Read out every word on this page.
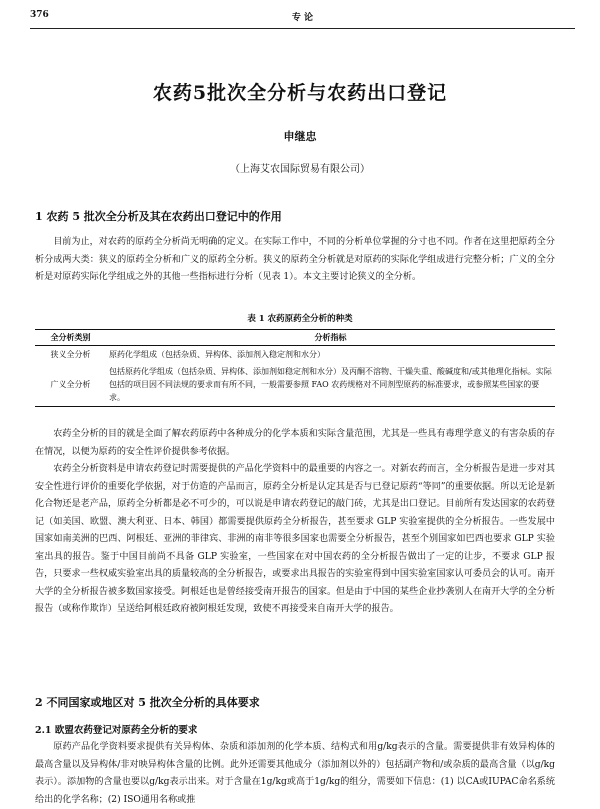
376	专 论
农药5批次全分析与农药出口登记
申继忠
（上海艾农国际贸易有限公司）
1 农药 5 批次全分析及其在农药出口登记中的作用

目前为止，对农药的原药全分析尚无明确的定义。在实际工作中，不同的分析单位掌握的分寸也不同。作者在这里把原药全分析分成两大类：狭义的原药全分析和广义的原药全分析。狭义的原药全分析就是对原药的实际化学组成进行完整分析；广义的全分析是对原药实际化学组成之外的其他一些指标进行分析（见表 1）。本文主要讨论狭义的全分析。

表 1 农药原药全分析的种类
全分析类别	分析指标
狭义全分析	原药化学组成（包括杂质、异构体、添加剂入稳定剂和水分）
广义全分析	包括原药化学组成（包括杂质、异构体、添加剂如稳定剂和水分）及丙酮不溶物、干燥失重、酸碱度和/或其他理化指标。实际包括的项目因不同法规的要求而有所不同，一般需要参照 FAO 农药规格对不同剂型原药的标准要求，或参照某些国家的要求。

农药全分析的目的就是全面了解农药原药中各种成分的化学本质和实际含量范围，尤其是一些具有毒理学意义的有害杂质的存在情况，以便为原药的安全性评价提供参考依据。

农药全分析资料是申请农药登记时需要提供的产品化学资料中的最重要的内容之一。对新农药而言，全分析报告是进一步对其安全性进行评价的重要化学依据，对于仿造的产品而言，原药全分析是认定其是否与已登记原药“等同”的重要依据。所以无论是新化合物还是老产品，原药全分析都是必不可少的，可以说是申请农药登记的敲门砖，尤其是出口登记。目前所有发达国家的农药登记（如美国、欧盟、澳大利亚、日本、韩国）都需要提供原药全分析报告，甚至要求 GLP 实验室提供的全分析报告。一些发展中国家如南美洲的巴西、阿根廷、亚洲的菲律宾、非洲的南非等很多国家也需要全分析报告，甚至个别国家如巴西也要求 GLP 实验室出具的报告。鉴于中国目前尚不具备 GLP 实验室，一些国家在对中国农药的全分析报告做出了一定的让步，不要求 GLP 报告，只要求一些权威实验室出具的质量较高的全分析报告，或要求出具报告的实验室得到中国实验室国家认可委员会的认可。南开大学的全分析报告被多数国家接受。阿根廷也是曾经接受南开报告的国家。但是由于中国的某些企业抄袭别人在南开大学的全分析报告（或称作欺诈）呈送给阿根廷政府被阿根廷发现，致使不再接受来自南开大学的报告。

2 不同国家或地区对 5 批次全分析的具体要求
2.1 欧盟农药登记对原药全分析的要求

原药产品化学资料要求提供有关异构体、杂质和添加剂的化学本质、结构式和用g/kg表示的含量。需要提供非有效异构体的最高含量以及异构体/非对映异构体含量的比例。此外还需要其他成分（添加剂以外的）包括副产物和/或杂质的最高含量（以g/kg表示）。添加物的含量也要以g/kg表示出来。对于含量在1g/kg或高于1g/kg的组分，需要如下信息：(1) 以CA或IUPAC命名系统给出的化学名称；(2) ISO通用名称或推
